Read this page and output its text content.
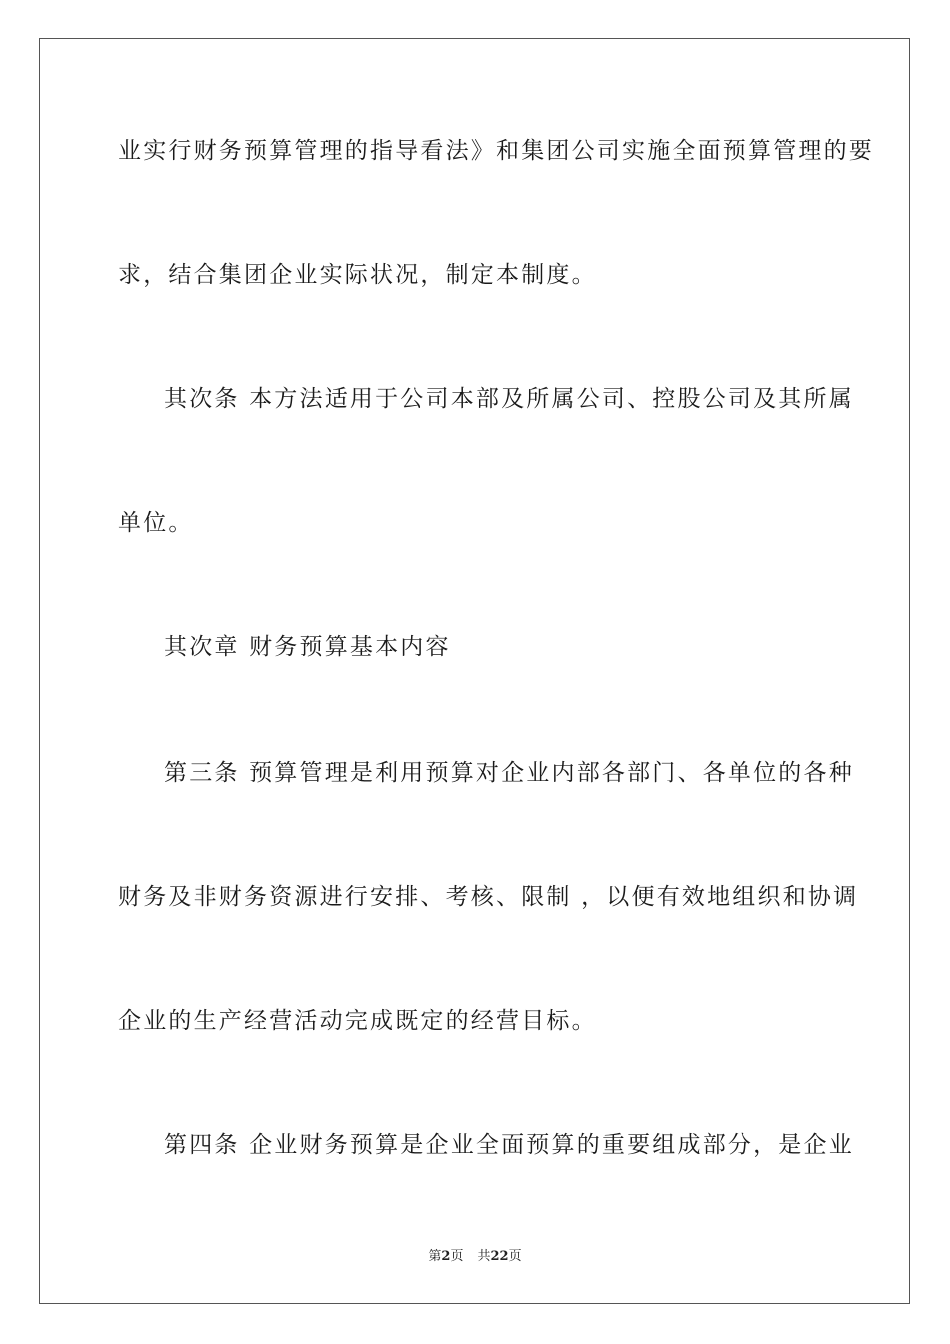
业实行财务预算管理的指导看法》和集团公司实施全面预算管理的要
求，结合集团企业实际状况，制定本制度。
其次条 本方法适用于公司本部及所属公司、控股公司及其所属
单位。
其次章 财务预算基本内容
第三条 预算管理是利用预算对企业内部各部门、各单位的各种
财务及非财务资源进行安排、考核、限制 ，以便有效地组织和协调
企业的生产经营活动完成既定的经营目标。
第四条 企业财务预算是企业全面预算的重要组成部分，是企业
第2页 共22页
